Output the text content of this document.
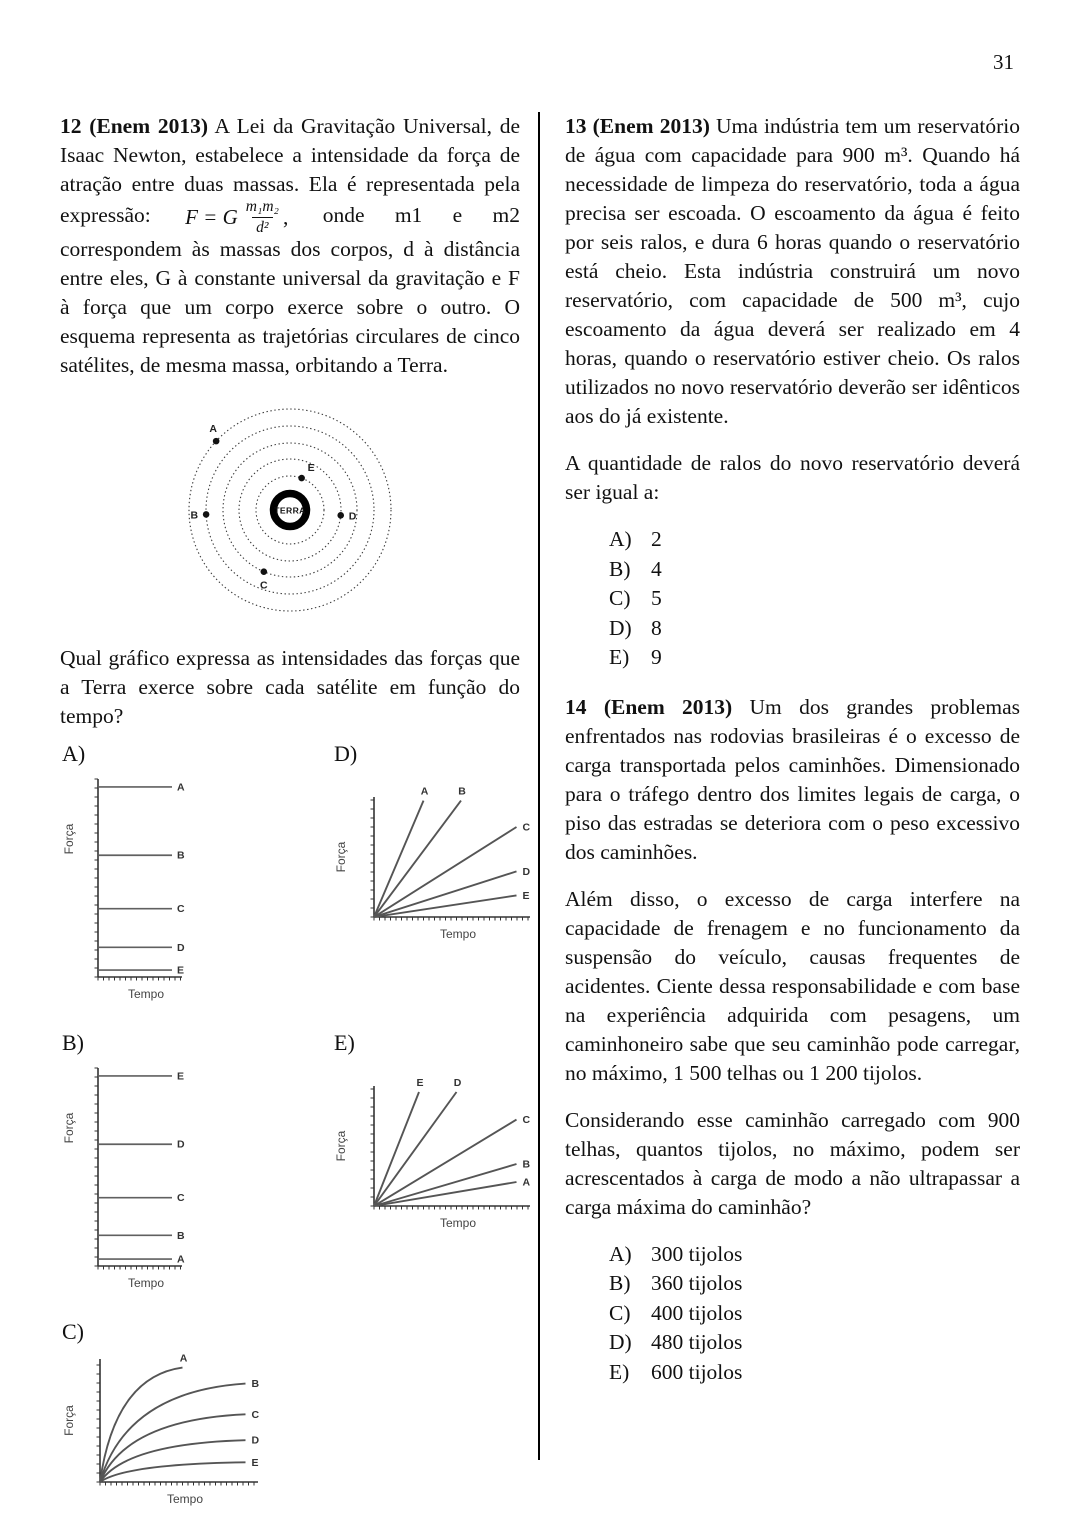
31

12 (Enem 2013) A Lei da Gravitação Universal, de Isaac Newton, estabelece a intensidade da força de atração entre duas massas. Ela é representada pela expressão: F = G $\frac{\text{m₁m₂}}{\text{d²}}$ , onde m1 e m2 correspondem às massas dos corpos, d à distância entre eles, G à constante universal da gravitação e F à força que um corpo exerce sobre o outro. O esquema representa as trajetórias circulares de cinco satélites, de mesma massa, orbitando a Terra.

TERRA
A
B
C
D
E

Qual gráfico expressa as intensidades das forças que a Terra exerce sobre cada satélite em função do tempo?

A)
Força
Tempo
A
B
C
D
E
D)
Força
Tempo
A	B
C
D
E
B)
Força
Tempo
E
D
C
B
A
E)
Força
Tempo
E	D
C
B
A
C)
Força
Tempo
A
B
C
D
E

13 (Enem 2013) Uma indústria tem um reservatório de água com capacidade para 900 m³. Quando há necessidade de limpeza do reservatório, toda a água precisa ser escoada. O escoamento da água é feito por seis ralos, e dura 6 horas quando o reservatório está cheio. Esta indústria construirá um novo reservatório, com capacidade de 500 m³, cujo escoamento da água deverá ser realizado em 4 horas, quando o reservatório estiver cheio. Os ralos utilizados no novo reservatório deverão ser idênticos aos do já existente.

A quantidade de ralos do novo reservatório deverá ser igual a:

A) 2
B) 4
C) 5
D) 8
E)	9

14 (Enem 2013) Um dos grandes problemas enfrentados nas rodovias brasileiras é o excesso de carga transportada pelos caminhões. Dimensionado para o tráfego dentro dos limites legais de carga, o piso das estradas se deteriora com o peso excessivo dos caminhões.

Além disso, o excesso de carga interfere na capacidade de frenagem e no funcionamento da suspensão do veículo, causas frequentes de acidentes. Ciente dessa responsabilidade e com base na experiência adquirida com pesagens, um caminhoneiro sabe que seu caminhão pode carregar, no máximo, 1 500 telhas ou 1 200 tijolos.

Considerando esse caminhão carregado com 900 telhas, quantos tijolos, no máximo, podem ser acrescentados à carga de modo a não ultrapassar a carga máxima do caminhão?

A) 300 tijolos
B) 360 tijolos
C) 400 tijolos
D) 480 tijolos
E)	600 tijolos
